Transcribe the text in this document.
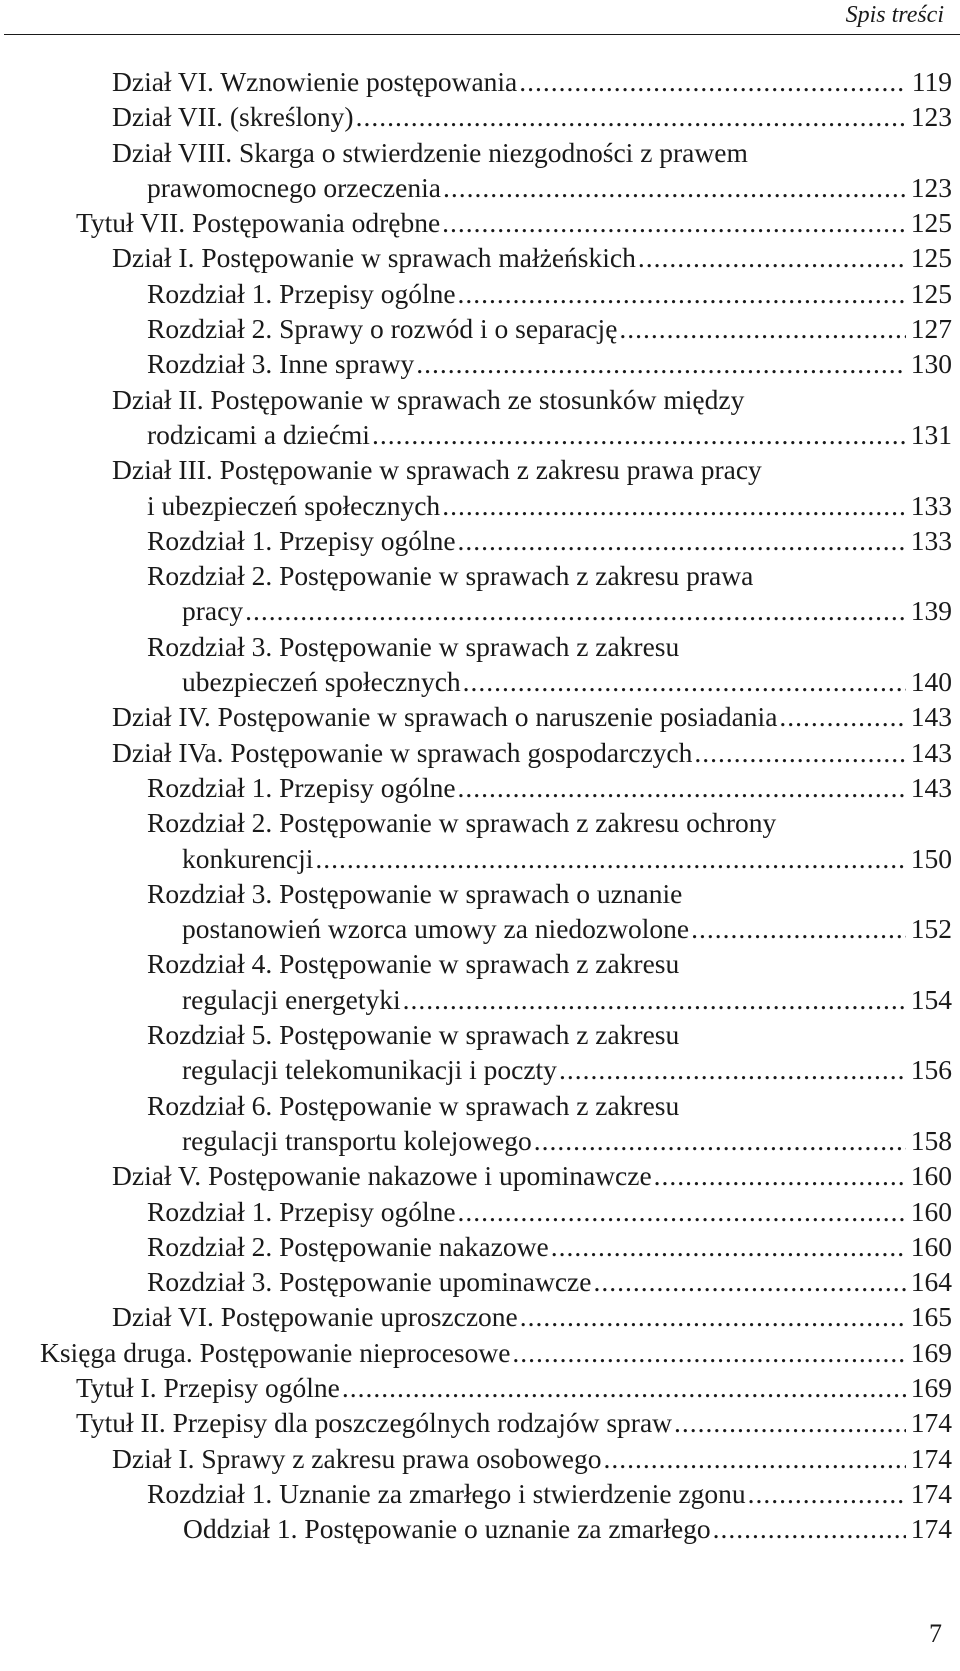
Spis treści
Dział VI. Wznowienie postępowania .....	119
Dział VII. (skreślony) .....	123
Dział VIII. Skarga o stwierdzenie niezgodności z prawem
prawomocnego orzeczenia .....	123
Tytuł VII. Postępowania odrębne .....	125
Dział I. Postępowanie w sprawach małżeńskich .....	125
Rozdział 1. Przepisy ogólne .....	125
Rozdział 2. Sprawy o rozwód i o separację .....	127
Rozdział 3. Inne sprawy .....	130
Dział II. Postępowanie w sprawach ze stosunków między
rodzicami a dziećmi .....	131
Dział III. Postępowanie w sprawach z zakresu prawa pracy
i ubezpieczeń społecznych .....	133
Rozdział 1. Przepisy ogólne .....	133
Rozdział 2. Postępowanie w sprawach z zakresu prawa
pracy .....	139
Rozdział 3. Postępowanie w sprawach z zakresu
ubezpieczeń społecznych .....	140
Dział IV. Postępowanie w sprawach o naruszenie posiadania .....	143
Dział IVa. Postępowanie w sprawach gospodarczych .....	143
Rozdział 1. Przepisy ogólne .....	143
Rozdział 2. Postępowanie w sprawach z zakresu ochrony
konkurencji .....	150
Rozdział 3. Postępowanie w sprawach o uznanie
postanowień wzorca umowy za niedozwolone .....	152
Rozdział 4. Postępowanie w sprawach z zakresu
regulacji energetyki .....	154
Rozdział 5. Postępowanie w sprawach z zakresu
regulacji telekomunikacji i poczty .....	156
Rozdział 6. Postępowanie w sprawach z zakresu
regulacji transportu kolejowego .....	158
Dział V. Postępowanie nakazowe i upominawcze .....	160
Rozdział 1. Przepisy ogólne .....	160
Rozdział 2. Postępowanie nakazowe .....	160
Rozdział 3. Postępowanie upominawcze .....	164
Dział VI. Postępowanie uproszczone .....	165
Księga druga. Postępowanie nieprocesowe .....	169
Tytuł I. Przepisy ogólne .....	169
Tytuł II. Przepisy dla poszczególnych rodzajów spraw .....	174
Dział I. Sprawy z zakresu prawa osobowego .....	174
Rozdział 1. Uznanie za zmarłego i stwierdzenie zgonu .....	174
Oddział 1. Postępowanie o uznanie za zmarłego .....	174
7
